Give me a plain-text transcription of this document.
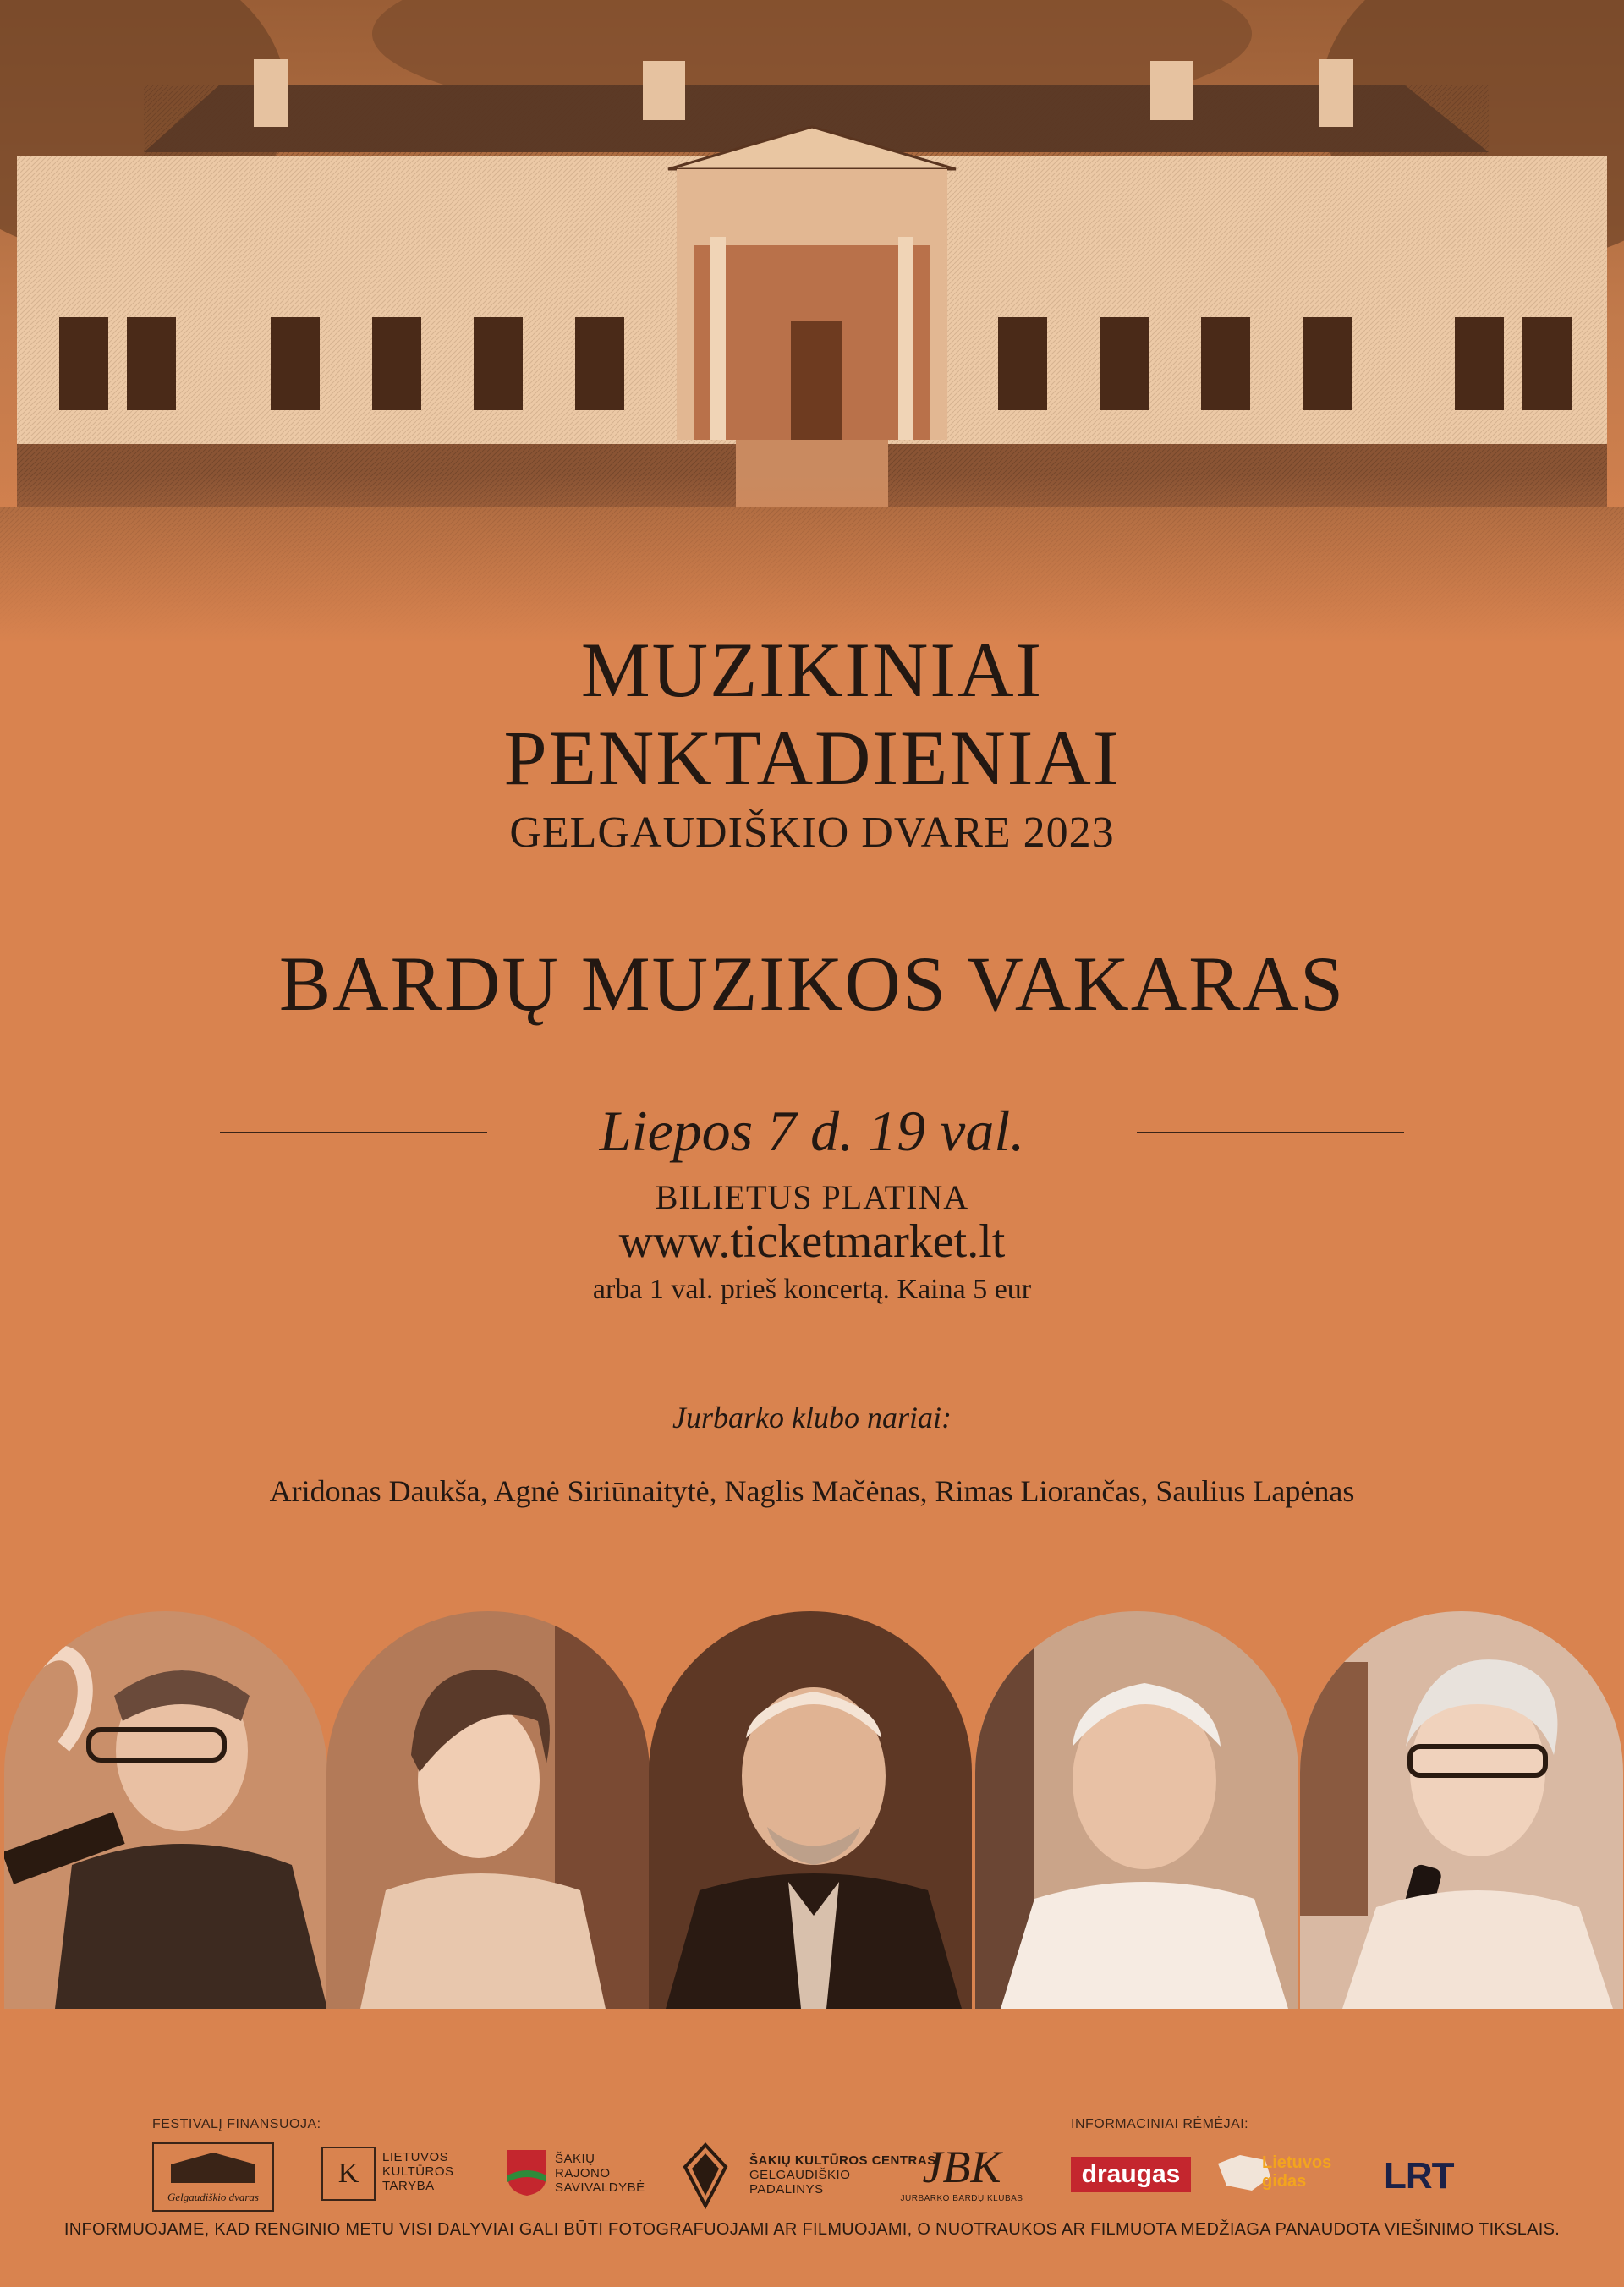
MUZIKINIAI
PENKTADIENIAI
GELGAUDIŠKIO DVARE 2023
BARDŲ MUZIKOS VAKARAS
Liepos 7 d. 19 val.
BILIETUS PLATINA
www.ticketmarket.lt
arba 1 val. prieš koncertą. Kaina 5 eur
Jurbarko klubo nariai:
Aridonas Daukša, Agnė Siriūnaitytė, Naglis Mačėnas, Rimas Liorančas, Saulius Lapėnas
FESTIVALĮ FINANSUOJA:	INFORMACINIAI RĖMĖJAI:
Gelgaudiškio dvaras
K
LIETUVOS
KULTŪROS
TARYBA
ŠAKIŲ
RAJONO
SAVIVALDYBĖ
ŠAKIŲ KULTŪROS CENTRAS
GELGAUDIŠKIO
PADALINYS	JBK
JURBARKO BARDŲ KLUBAS
draugas	Lietuvos
gidas	LRT
INFORMUOJAME, KAD RENGINIO METU VISI DALYVIAI GALI BŪTI FOTOGRAFUOJAMI AR FILMUOJAMI, O NUOTRAUKOS AR FILMUOTA MEDŽIAGA PANAUDOTA VIEŠINIMO TIKSLAIS.
